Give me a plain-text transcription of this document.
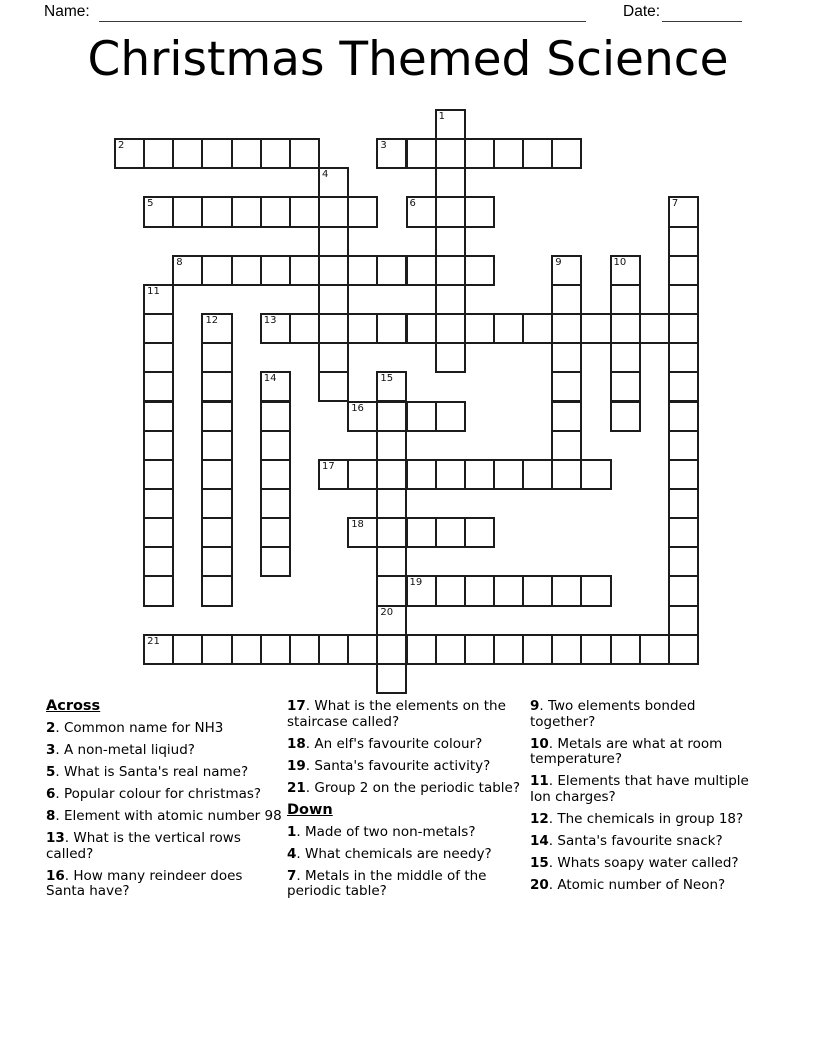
Name:	Date:
Christmas Themed Science
1
2	3
4
5	6	7
8	9	10
11
12	13
14	15
16
17
18
19
20
21
Across
2. Common name for NH3
3. A non-metal liqiud?
5. What is Santa's real name?
6. Popular colour for christmas?
8. Element with atomic number 98
13. What is the vertical rows called?
16. How many reindeer does Santa have?
17. What is the elements on the staircase called?
18. An elf's favourite colour?
19. Santa's favourite activity?
21. Group 2 on the periodic table?
Down
1. Made of two non-metals?
4. What chemicals are needy?
7. Metals in the middle of the periodic table?
9. Two elements bonded together?
10. Metals are what at room temperature?
11. Elements that have multiple Ion charges?
12. The chemicals in group 18?
14. Santa's favourite snack?
15. Whats soapy water called?
20. Atomic number of Neon?
